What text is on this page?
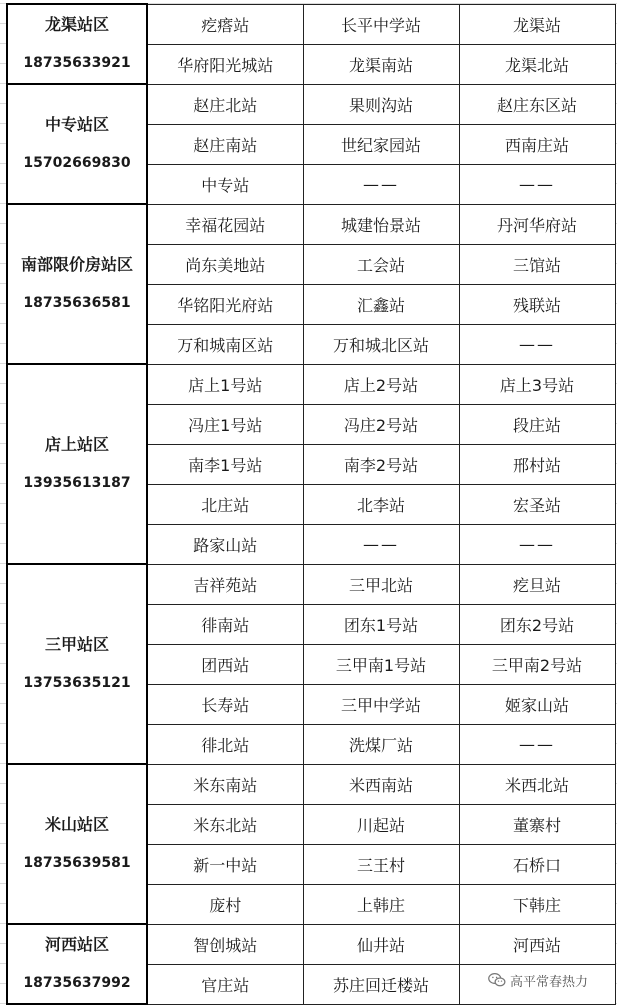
龙渠站区
18735633921	疙瘩站	长平中学站	龙渠站
	华府阳光城站	龙渠南站	龙渠北站

中专站区
15702669830	赵庄北站	果则沟站	赵庄东区站
	赵庄南站	世纪家园站	西南庄站
	中专站	——	——

南部限价房站区
18735636581	幸福花园站	城建怡景站	丹河华府站
	尚东美地站	工会站	三馆站
	华铭阳光府站	汇鑫站	残联站
	万和城南区站	万和城北区站	——

店上站区
13935613187	店上1号站	店上2号站	店上3号站
	冯庄1号站	冯庄2号站	段庄站
	南李1号站	南李2号站	邢村站
	北庄站	北李站	宏圣站
	路家山站	——	——

三甲站区
13753635121	吉祥苑站	三甲北站	疙旦站
	徘南站	团东1号站	团东2号站
	团西站	三甲南1号站	三甲南2号站
	长寿站	三甲中学站	姬家山站
	徘北站	洗煤厂站	——

米山站区
18735639581	米东南站	米西南站	米西北站
	米东北站	川起站	董寨村
	新一中站	三王村	石桥口
	庞村	上韩庄	下韩庄

河西站区
18735637992	智创城站	仙井站	河西站
	官庄站	苏庄回迁楼站		高平常春热力
